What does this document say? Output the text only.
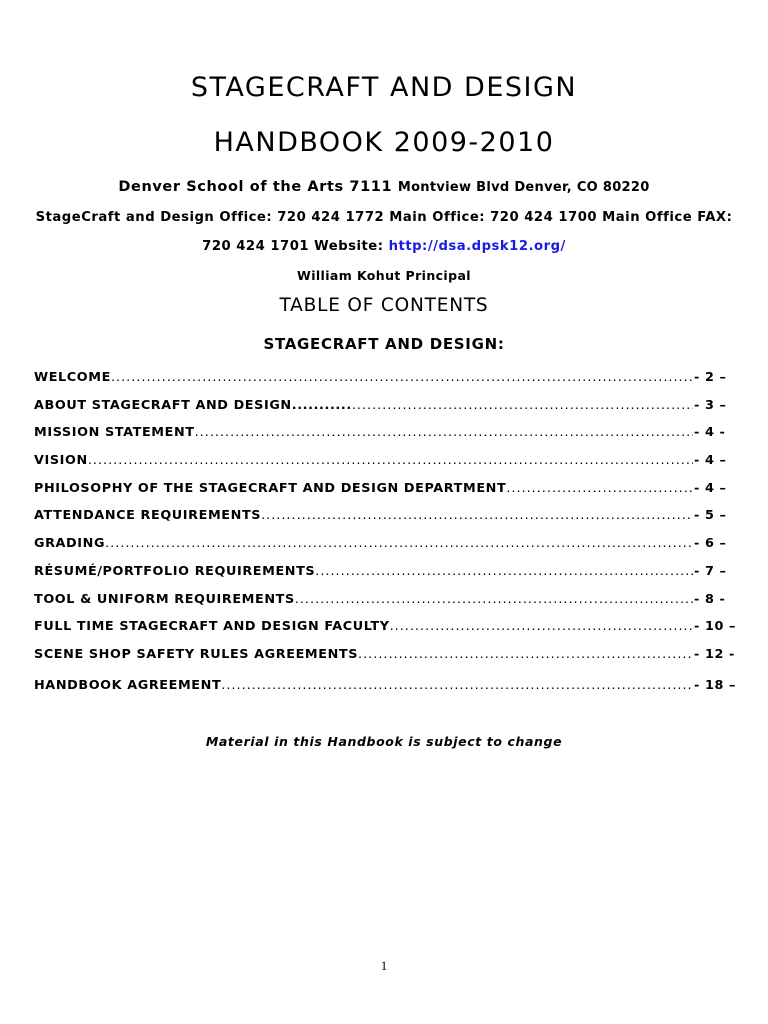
STAGECRAFT AND DESIGN
HANDBOOK 2009-2010

Denver School of the Arts 7111 Montview Blvd Denver, CO 80220

StageCraft and Design Office: 720 424 1772 Main Office: 720 424 1700 Main Office FAX:

720 424 1701 Website: http://dsa.dpsk12.org/

William Kohut Principal

TABLE OF CONTENTS
STAGECRAFT AND DESIGN:
WELCOME .....	- 2 –
ABOUT STAGECRAFT AND DESIGN........... .....	- 3 –
MISSION STATEMENT .....	- 4 -
VISION .....	- 4 –
PHILOSOPHY OF THE STAGECRAFT AND DESIGN DEPARTMENT .....	- 4 –
ATTENDANCE REQUIREMENTS .....	- 5 –
GRADING .....	- 6 –
RÉSUMÉ/PORTFOLIO REQUIREMENTS .....	- 7 –
TOOL & UNIFORM REQUIREMENTS .....	- 8 -
FULL TIME STAGECRAFT AND DESIGN FACULTY .....	- 10 –
SCENE SHOP SAFETY RULES AGREEMENTS .....	- 12 -
HANDBOOK AGREEMENT .....	- 18 –

Material in this Handbook is subject to change

1
